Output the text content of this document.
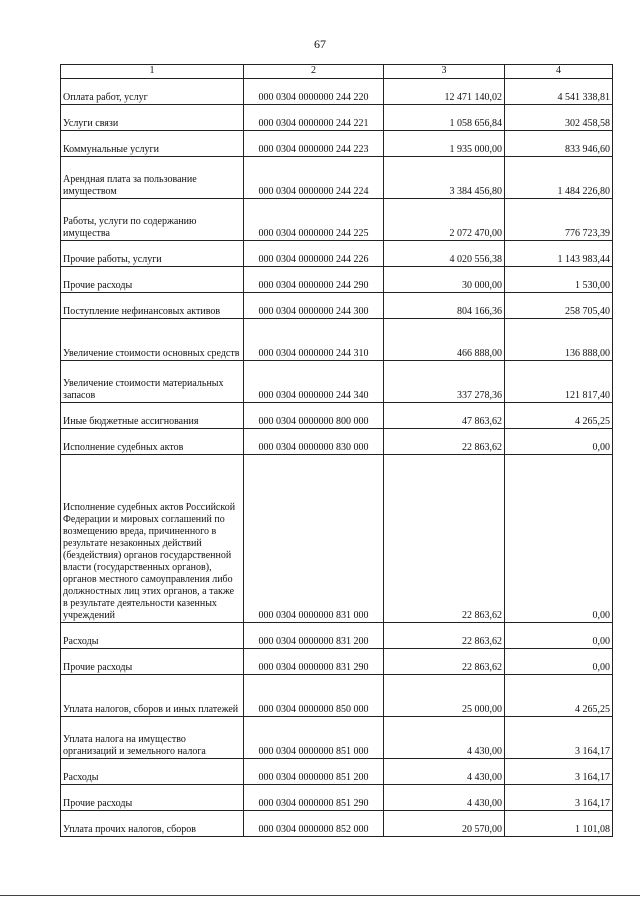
67
1	2	3	4
Оплата работ, услуг	000 0304 0000000 244 220	12 471 140,02	4 541 338,81
Услуги связи	000 0304 0000000 244 221	1 058 656,84	302 458,58
Коммунальные услуги	000 0304 0000000 244 223	1 935 000,00	833 946,60
Арендная плата за пользование имуществом	000 0304 0000000 244 224	3 384 456,80	1 484 226,80
Работы, услуги по содержанию имущества	000 0304 0000000 244 225	2 072 470,00	776 723,39
Прочие работы, услуги	000 0304 0000000 244 226	4 020 556,38	1 143 983,44
Прочие расходы	000 0304 0000000 244 290	30 000,00	1 530,00
Поступление нефинансовых активов	000 0304 0000000 244 300	804 166,36	258 705,40
Увеличение стоимости основных средств	000 0304 0000000 244 310	466 888,00	136 888,00
Увеличение стоимости материальных запасов	000 0304 0000000 244 340	337 278,36	121 817,40
Иные бюджетные ассигнования	000 0304 0000000 800 000	47 863,62	4 265,25
Исполнение судебных актов	000 0304 0000000 830 000	22 863,62	0,00
Исполнение судебных актов Российской Федерации и мировых соглашений по возмещению вреда, причиненного в результате незаконных действий (бездействия) органов государственной власти (государственных органов), органов местного самоуправления либо должностных лиц этих органов, а также в результате деятельности казенных учреждений	000 0304 0000000 831 000	22 863,62	0,00
Расходы	000 0304 0000000 831 200	22 863,62	0,00
Прочие расходы	000 0304 0000000 831 290	22 863,62	0,00
Уплата налогов, сборов и иных платежей	000 0304 0000000 850 000	25 000,00	4 265,25
Уплата налога на имущество организаций и земельного налога	000 0304 0000000 851 000	4 430,00	3 164,17
Расходы	000 0304 0000000 851 200	4 430,00	3 164,17
Прочие расходы	000 0304 0000000 851 290	4 430,00	3 164,17
Уплата прочих налогов, сборов	000 0304 0000000 852 000	20 570,00	1 101,08
